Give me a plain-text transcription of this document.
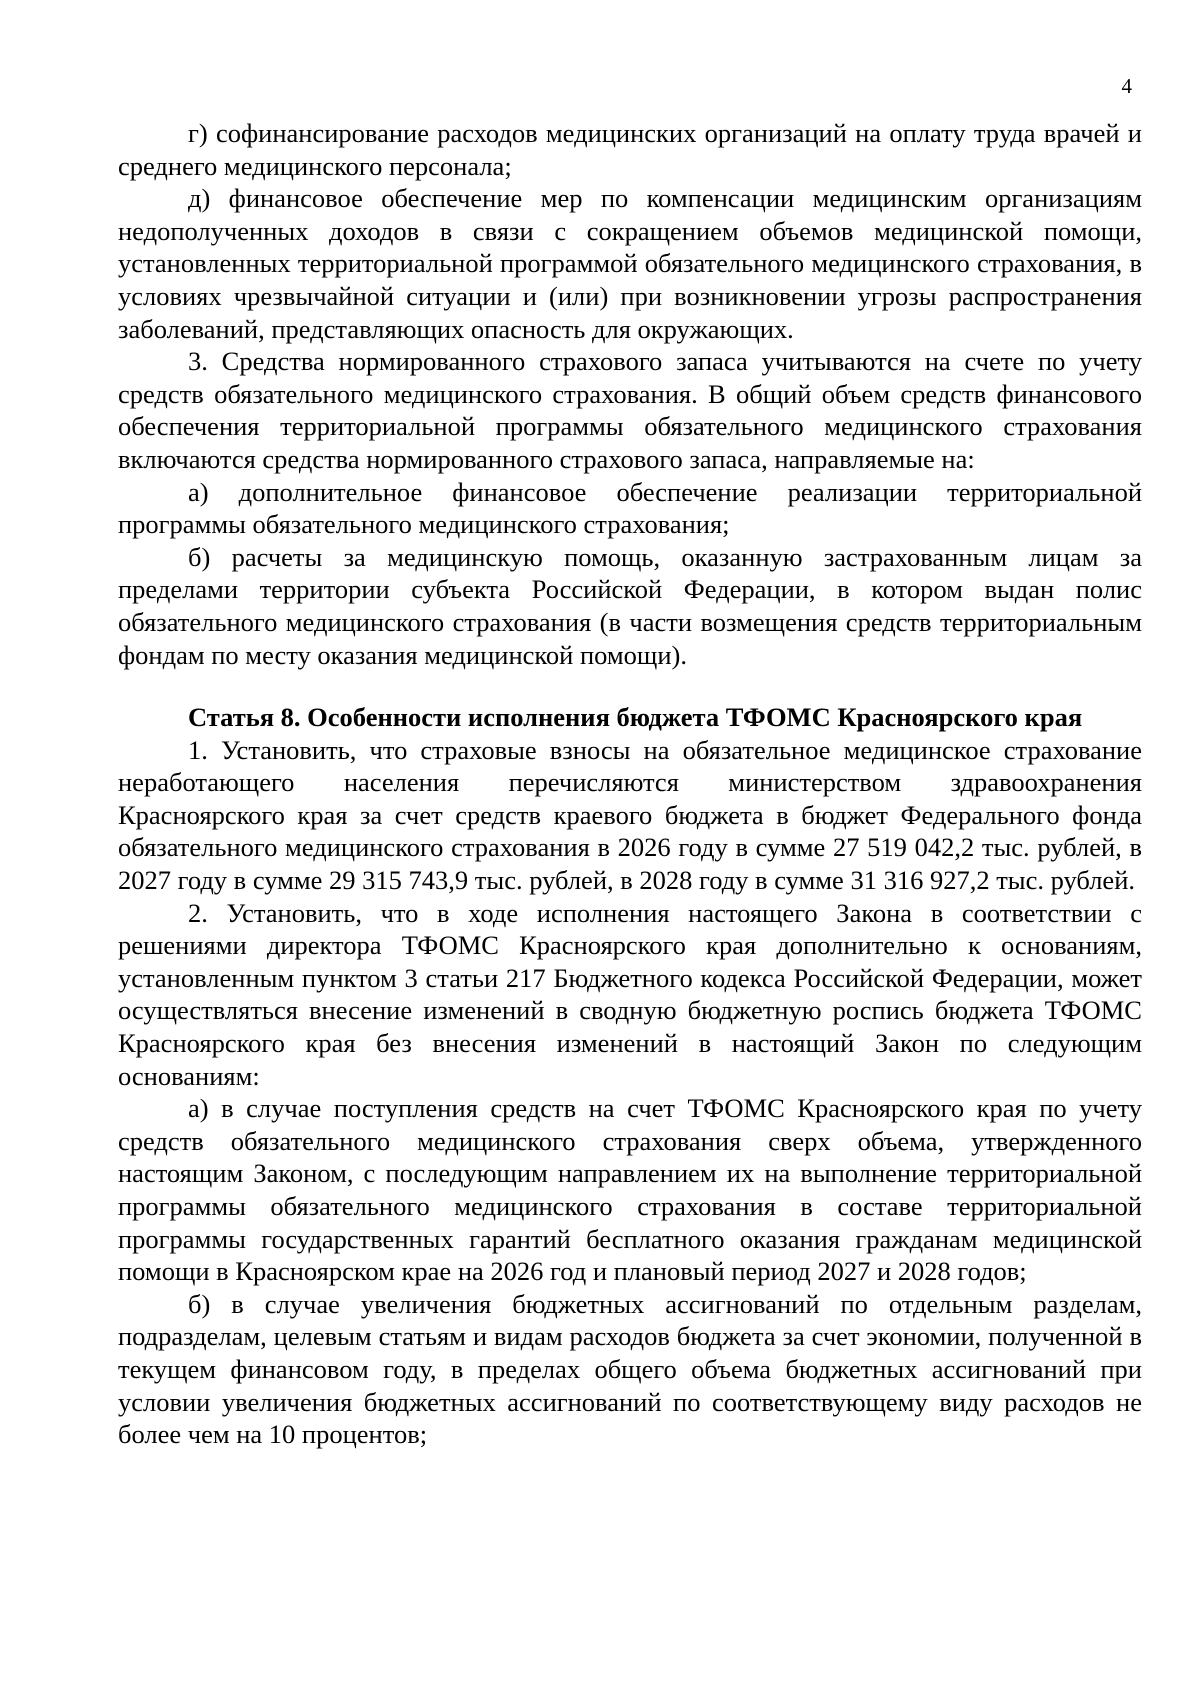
4

г) софинансирование расходов медицинских организаций на оплату труда врачей и среднего медицинского персонала;

д) финансовое обеспечение мер по компенсации медицинским организациям недополученных доходов в связи с сокращением объемов медицинской помощи, установленных территориальной программой обязательного медицинского страхования, в условиях чрезвычайной ситуации и (или) при возникновении угрозы распространения заболеваний, представляющих опасность для окружающих.

3. Средства нормированного страхового запаса учитываются на счете по учету средств обязательного медицинского страхования. В общий объем средств финансового обеспечения территориальной программы обязательного медицинского страхования включаются средства нормированного страхового запаса, направляемые на:

а) дополнительное финансовое обеспечение реализации территориальной программы обязательного медицинского страхования;

б) расчеты за медицинскую помощь, оказанную застрахованным лицам за пределами территории субъекта Российской Федерации, в котором выдан полис обязательного медицинского страхования (в части возмещения средств территориальным фондам по месту оказания медицинской помощи).

Статья 8. Особенности исполнения бюджета ТФОМС Красноярского края

1. Установить, что страховые взносы на обязательное медицинское страхование неработающего населения перечисляются министерством здравоохранения Красноярского края за счет средств краевого бюджета в бюджет Федерального фонда обязательного медицинского страхования в 2026 году в сумме 27 519 042,2 тыс. рублей, в 2027 году в сумме 29 315 743,9 тыс. рублей, в 2028 году в сумме 31 316 927,2 тыс. рублей.

2. Установить, что в ходе исполнения настоящего Закона в соответствии с решениями директора ТФОМС Красноярского края дополнительно к основаниям, установленным пунктом 3 статьи 217 Бюджетного кодекса Российской Федерации, может осуществляться внесение изменений в сводную бюджетную роспись бюджета ТФОМС Красноярского края без внесения изменений в настоящий Закон по следующим основаниям:

а) в случае поступления средств на счет ТФОМС Красноярского края по учету средств обязательного медицинского страхования сверх объема, утвержденного настоящим Законом, с последующим направлением их на выполнение территориальной программы обязательного медицинского страхования в составе территориальной программы государственных гарантий бесплатного оказания гражданам медицинской помощи в Красноярском крае на 2026 год и плановый период 2027 и 2028 годов;

б) в случае увеличения бюджетных ассигнований по отдельным разделам, подразделам, целевым статьям и видам расходов бюджета за счет экономии, полученной в текущем финансовом году, в пределах общего объема бюджетных ассигнований при условии увеличения бюджетных ассигнований по соответствующему виду расходов не более чем на 10 процентов;
